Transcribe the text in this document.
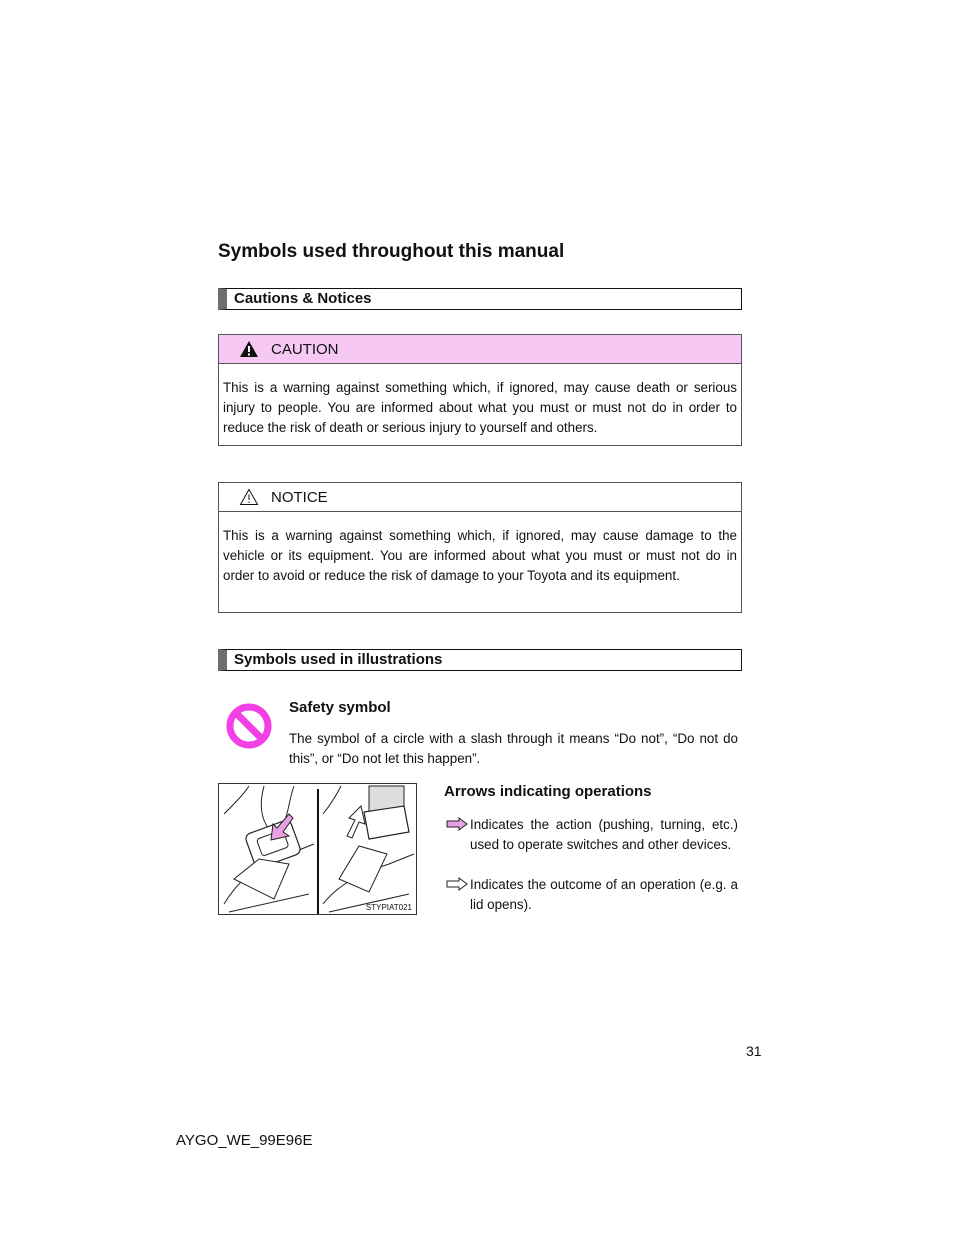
Symbols used throughout this manual
Cautions & Notices
CAUTION
This is a warning against something which, if ignored, may cause death or serious injury to people. You are informed about what you must or must not do in order to reduce the risk of death or serious injury to yourself and others.
NOTICE
This is a warning against something which, if ignored, may cause damage to the vehicle or its equipment. You are informed about what you must or must not do in order to avoid or reduce the risk of damage to your Toyota and its equipment.
Symbols used in illustrations
Safety symbol
The symbol of a circle with a slash through it means “Do not”, “Do not do this”, or “Do not let this happen”.
STYPIAT021
Arrows indicating operations
Indicates the action (pushing, turning, etc.) used to operate switches and other devices.
Indicates the outcome of an operation (e.g. a lid opens).
31
AYGO_WE_99E96E
